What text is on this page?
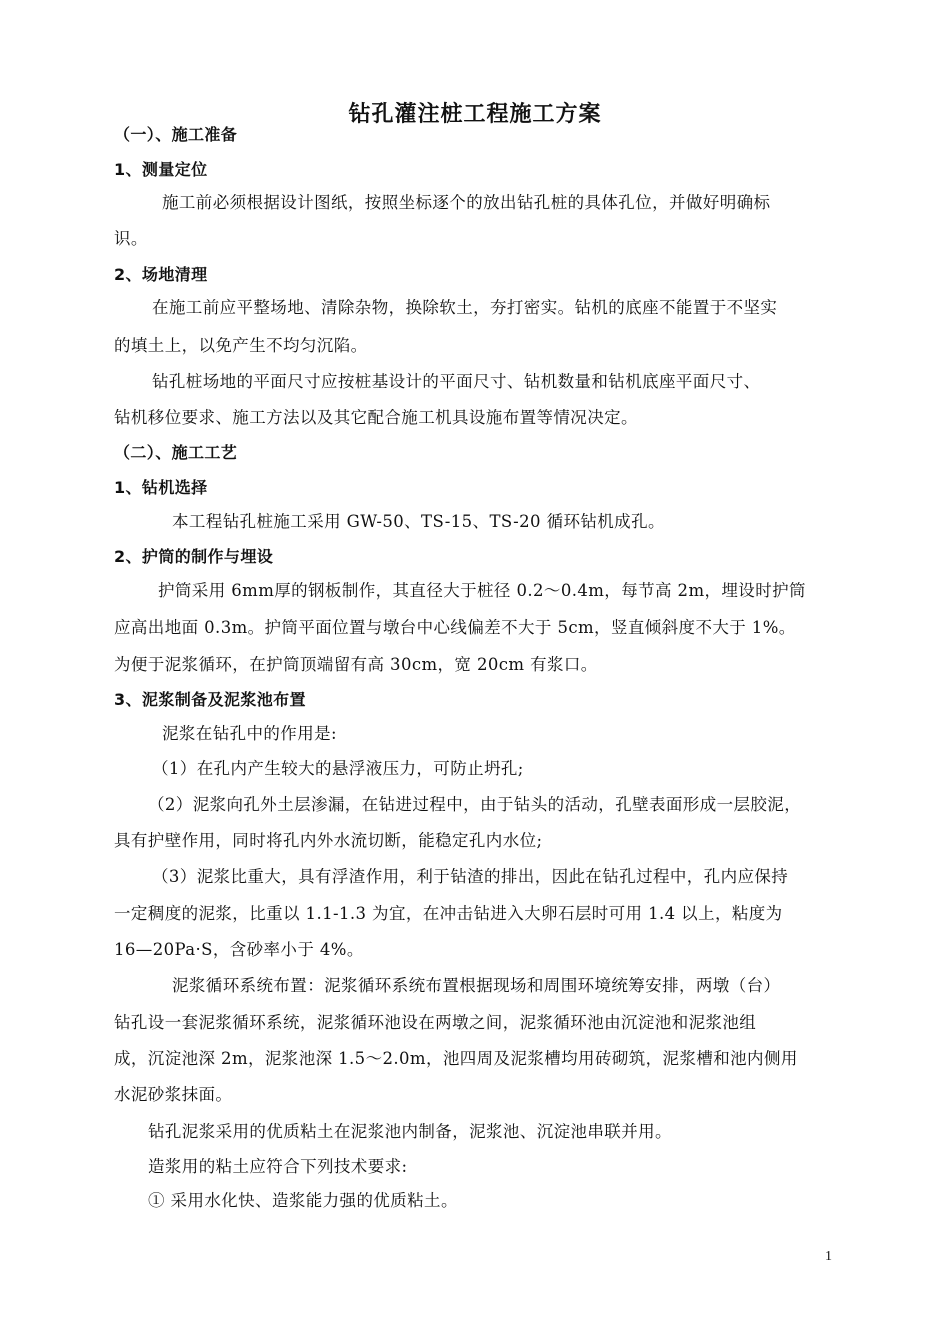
钻孔灌注桩工程施工方案
（一）、施工准备
1、测量定位
施工前必须根据设计图纸，按照坐标逐个的放出钻孔桩的具体孔位，并做好明确标
识。
2、场地清理
在施工前应平整场地、清除杂物，换除软土，夯打密实。钻机的底座不能置于不坚实
的填土上，以免产生不均匀沉陷。
钻孔桩场地的平面尺寸应按桩基设计的平面尺寸、钻机数量和钻机底座平面尺寸、
钻机移位要求、施工方法以及其它配合施工机具设施布置等情况决定。
（二）、施工工艺
1、钻机选择
本工程钻孔桩施工采用 GW-50、TS-15、TS-20 循环钻机成孔。
2、护筒的制作与埋设
护筒采用 6mm厚的钢板制作，其直径大于桩径 0.2～0.4m，每节高 2m，埋设时护筒
应高出地面 0.3m。护筒平面位置与墩台中心线偏差不大于 5cm，竖直倾斜度不大于 1%。
为便于泥浆循环，在护筒顶端留有高 30cm，宽 20cm 有浆口。
3、泥浆制备及泥浆池布置
泥浆在钻孔中的作用是:
（1）在孔内产生较大的悬浮液压力，可防止坍孔;
（2）泥浆向孔外土层渗漏，在钻进过程中，由于钻头的活动，孔壁表面形成一层胶泥，
具有护壁作用，同时将孔内外水流切断，能稳定孔内水位;
（3）泥浆比重大，具有浮渣作用，利于钻渣的排出，因此在钻孔过程中，孔内应保持
一定稠度的泥浆，比重以 1.1-1.3 为宜，在冲击钻进入大卵石层时可用 1.4 以上，粘度为
16—20Pa·S，含砂率小于 4%。
泥浆循环系统布置：泥浆循环系统布置根据现场和周围环境统筹安排，两墩（台）
钻孔设一套泥浆循环系统，泥浆循环池设在两墩之间，泥浆循环池由沉淀池和泥浆池组
成，沉淀池深 2m，泥浆池深 1.5～2.0m，池四周及泥浆槽均用砖砌筑，泥浆槽和池内侧用
水泥砂浆抹面。
钻孔泥浆采用的优质粘土在泥浆池内制备，泥浆池、沉淀池串联并用。
造浆用的粘土应符合下列技术要求:
① 采用水化快、造浆能力强的优质粘土。
1
